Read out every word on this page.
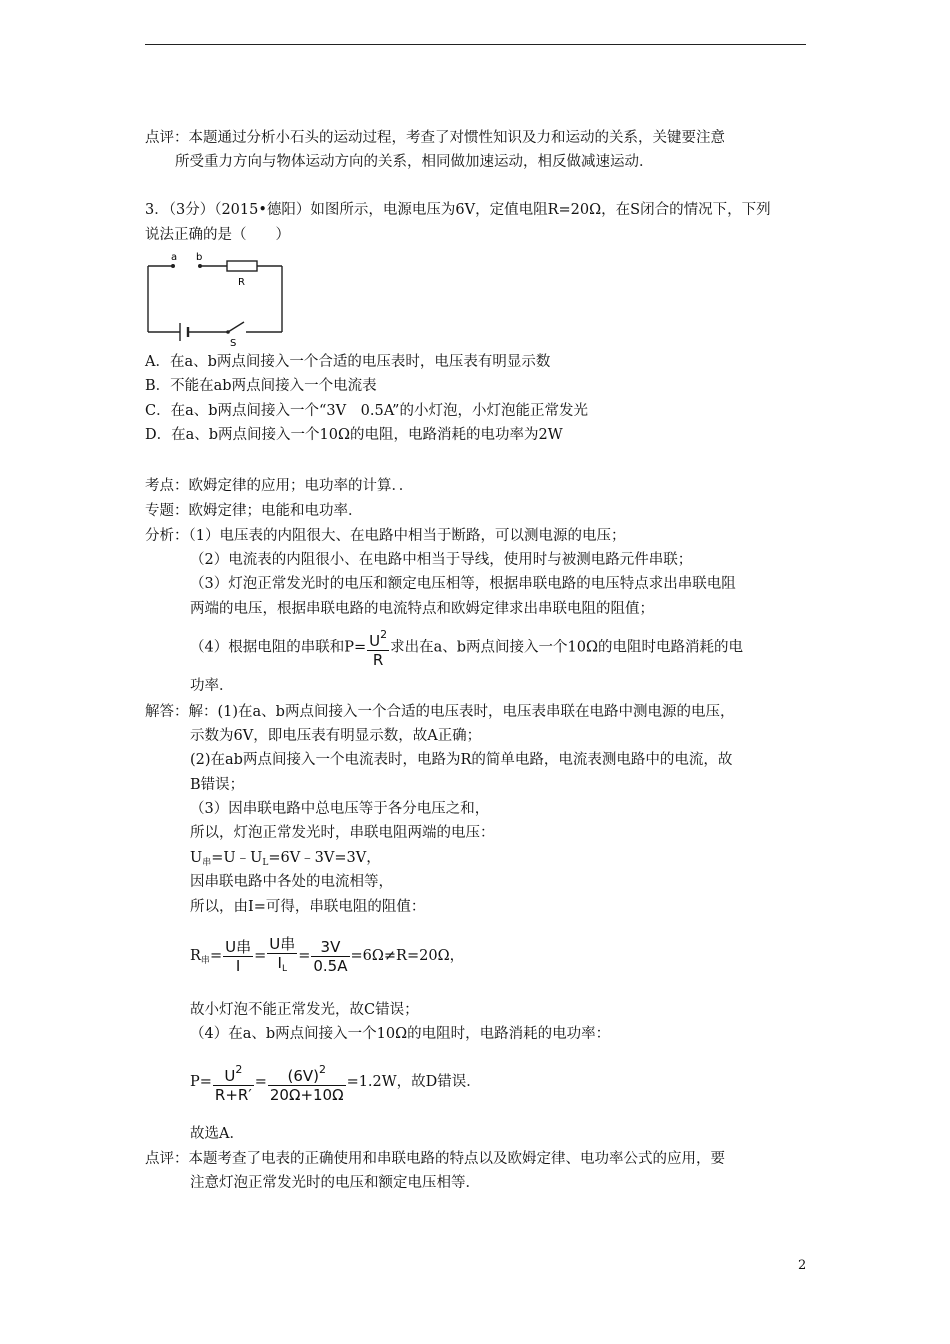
点评：本题通过分析小石头的运动过程，考查了对惯性知识及力和运动的关系，关键要注意
所受重力方向与物体运动方向的关系，相同做加速运动，相反做减速运动．
3．（3分）（2015•德阳）如图所示，电源电压为6V，定值电阻R=20Ω，在S闭合的情况下，下列
说法正确的是（　　）
a b
R
S
A．在a、b两点间接入一个合适的电压表时，电压表有明显示数
B．不能在ab两点间接入一个电流表
C．在a、b两点间接入一个“3V　0.5A”的小灯泡，小灯泡能正常发光
D．在a、b两点间接入一个10Ω的电阻，电路消耗的电功率为2W
考点：欧姆定律的应用；电功率的计算．．
专题：欧姆定律；电能和电功率．
分析：（1）电压表的内阻很大、在电路中相当于断路，可以测电源的电压；
（2）电流表的内阻很小、在电路中相当于导线，使用时与被测电路元件串联；
（3）灯泡正常发光时的电压和额定电压相等，根据串联电路的电压特点求出串联电阻
两端的电压，根据串联电路的电流特点和欧姆定律求出串联电阻的阻值；
（4）根据电阻的串联和$P= \frac{U^2}{R}$ 求出在a、b两点间接入一个10Ω的电阻时电路消耗的电
功率．
解答：解：(1)在a、b两点间接入一个合适的电压表时，电压表串联在电路中测电源的电压，
示数为6V，即电压表有明显示数，故A正确；
(2)在ab两点间接入一个电流表时，电路为R的简单电路，电流表测电路中的电流，故
B错误；
（3）因串联电路中总电压等于各分电压之和，
所以，灯泡正常发光时，串联电阻两端的电压：
$U_串=U﹣U_L=6V﹣3V=3V$，
因串联电路中各处的电流相等，
所以，由I=可得，串联电阻的阻值：
$R_串= \frac{\text{U串}}{I} = \frac{\text{U串}}{I_L} = \frac{3V}{0.5A} =6\Omega\ne R=20\Omega$，
故小灯泡不能正常发光，故C错误；
（4）在a、b两点间接入一个10Ω的电阻时，电路消耗的电功率：
$P= \frac{U^2}{R+R'} = \frac{(6V)^2}{20\Omega+10\Omega} =1.2W$，故D错误．
故选A．
点评：本题考查了电表的正确使用和串联电路的特点以及欧姆定律、电功率公式的应用，要
注意灯泡正常发光时的电压和额定电压相等．
2
